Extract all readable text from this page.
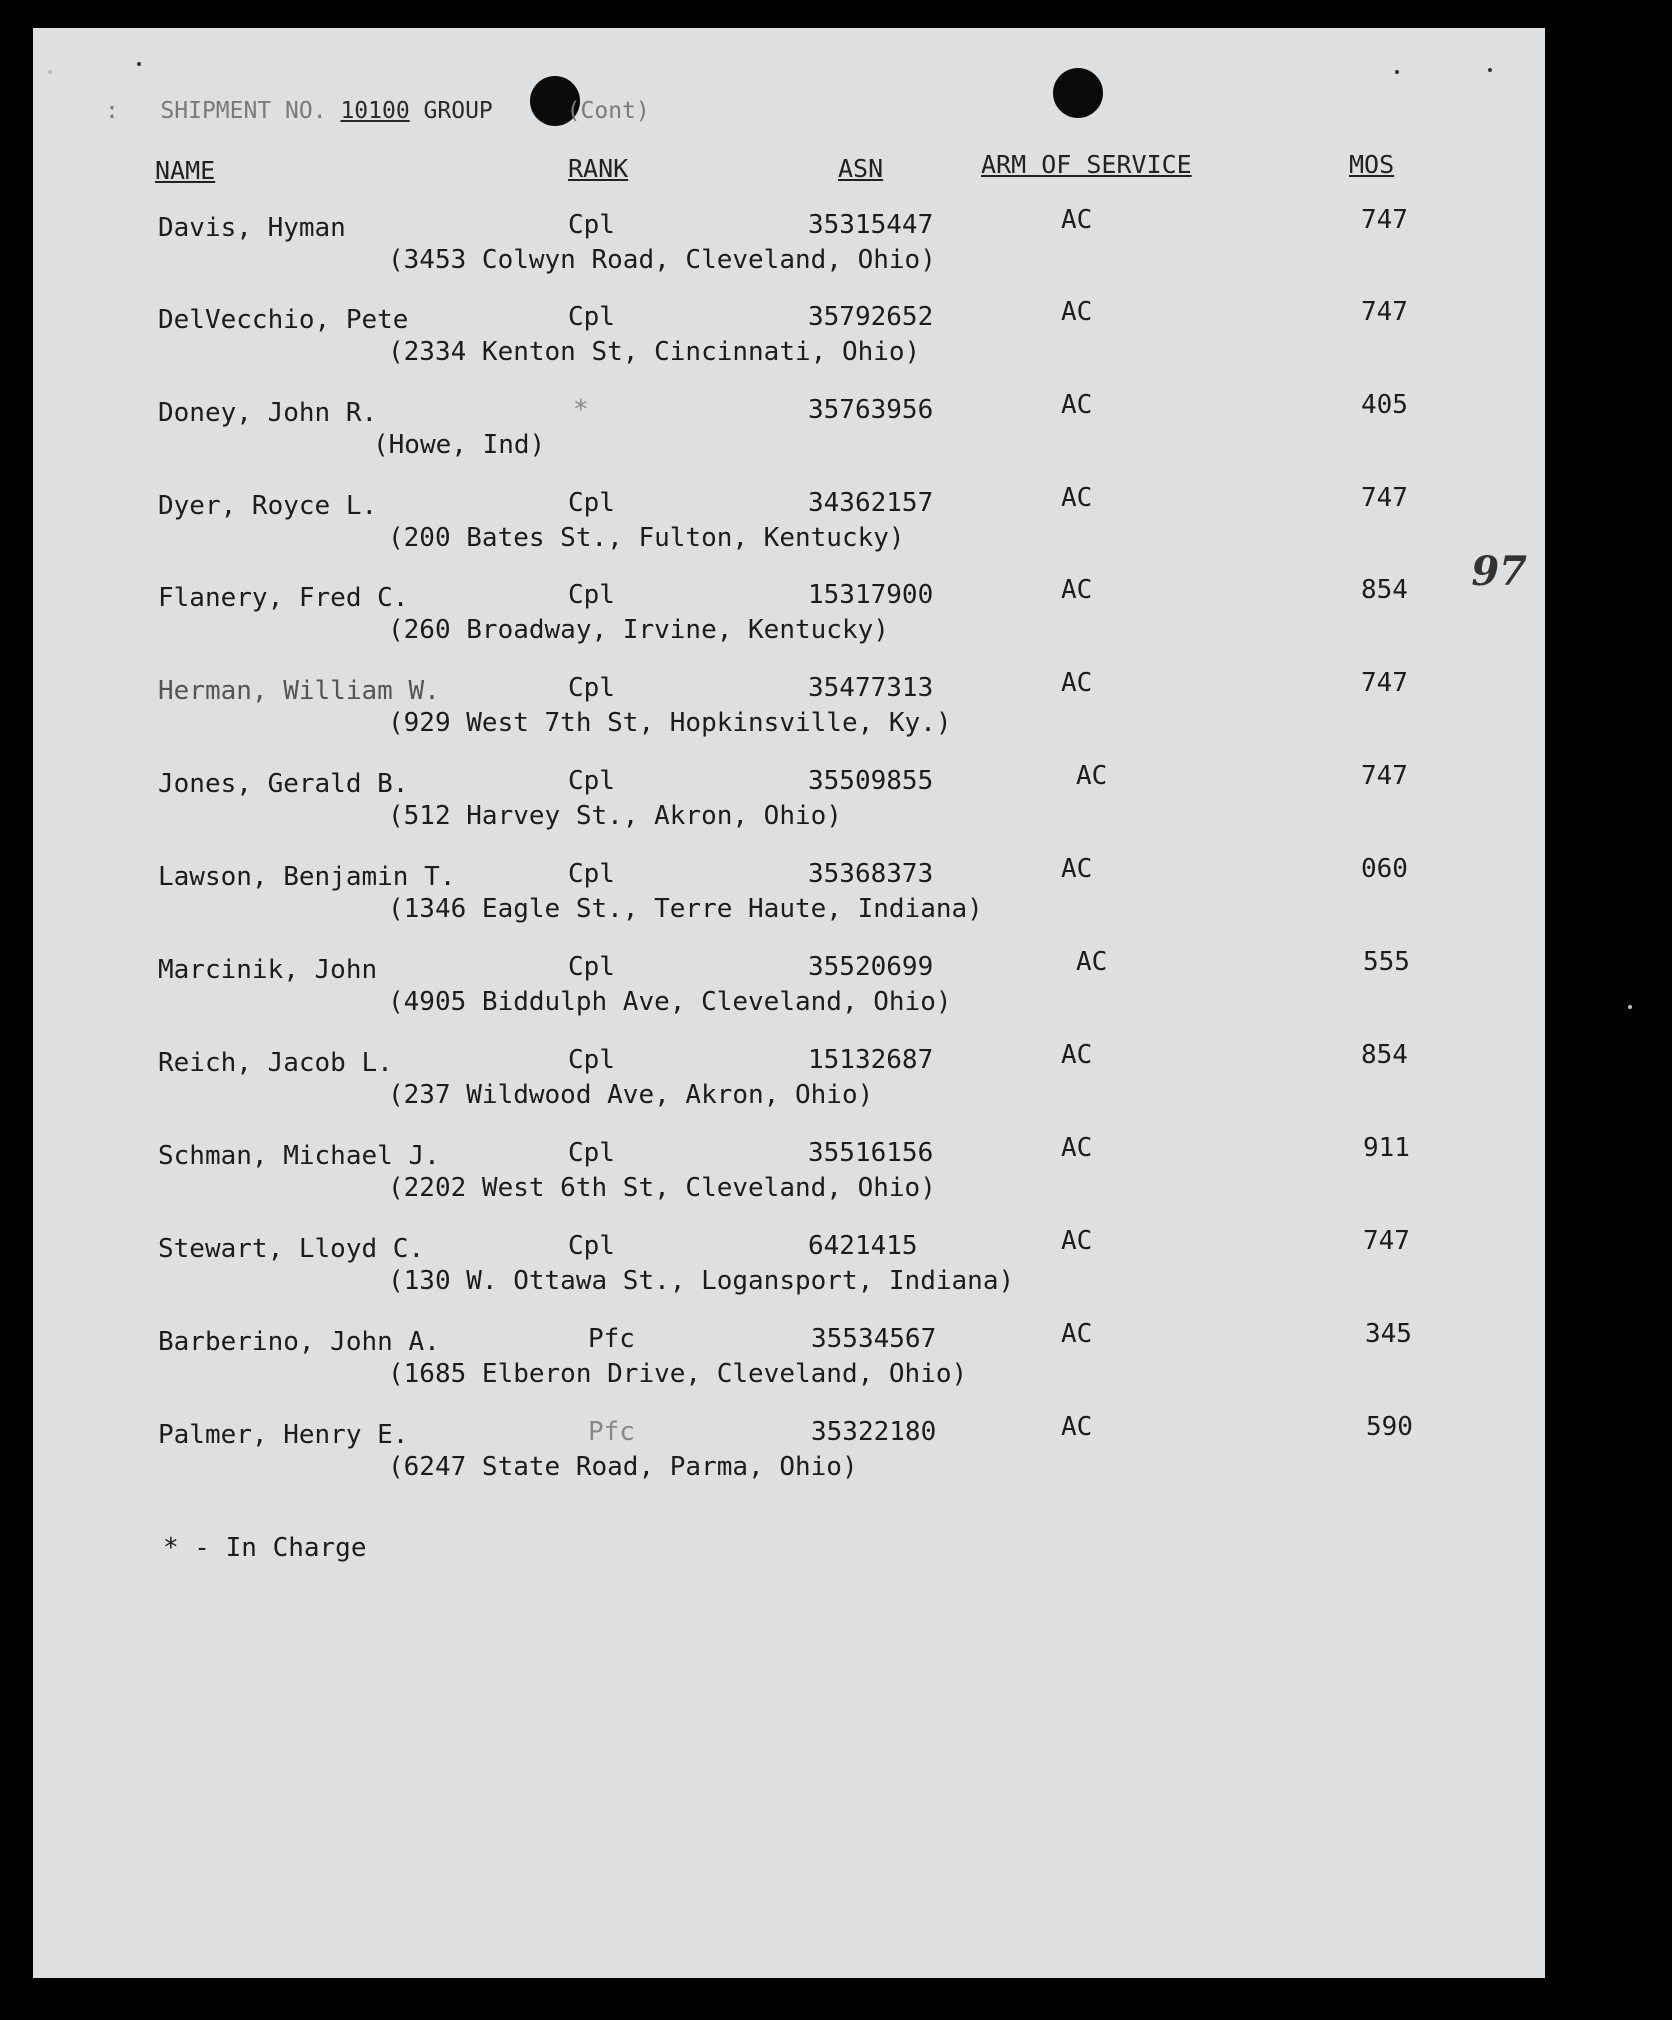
:   SHIPMENT NO. 10100 GROUP	(Cont)
NAME	RANK	ASN	ARM OF SERVICE	MOS
Davis, Hyman	Cpl	35315447	AC	747
(3453 Colwyn Road, Cleveland, Ohio)
DelVecchio, Pete	Cpl	35792652	AC	747
(2334 Kenton St, Cincinnati, Ohio)
Doney, John R.	*	35763956	AC	405
(Howe, Ind)
Dyer, Royce L.	Cpl	34362157	AC	747
(200 Bates St., Fulton, Kentucky)
Flanery, Fred C.	Cpl	15317900	AC	854
(260 Broadway, Irvine, Kentucky)
Herman, William W.	Cpl	35477313	AC	747
(929 West 7th St, Hopkinsville, Ky.)
Jones, Gerald B.	Cpl	35509855	AC	747
(512 Harvey St., Akron, Ohio)
Lawson, Benjamin T.	Cpl	35368373	AC	060
(1346 Eagle St., Terre Haute, Indiana)
Marcinik, John	Cpl	35520699	AC	555
(4905 Biddulph Ave, Cleveland, Ohio)
Reich, Jacob L.	Cpl	15132687	AC	854
(237 Wildwood Ave, Akron, Ohio)
Schman, Michael J.	Cpl	35516156	AC	911
(2202 West 6th St, Cleveland, Ohio)
Stewart, Lloyd C.	Cpl	6421415	AC	747
(130 W. Ottawa St., Logansport, Indiana)
Barberino, John A.	Pfc	35534567	AC	345
(1685 Elberon Drive, Cleveland, Ohio)
Palmer, Henry E.	Pfc	35322180	AC	590
(6247 State Road, Parma, Ohio)
* - In Charge
97
